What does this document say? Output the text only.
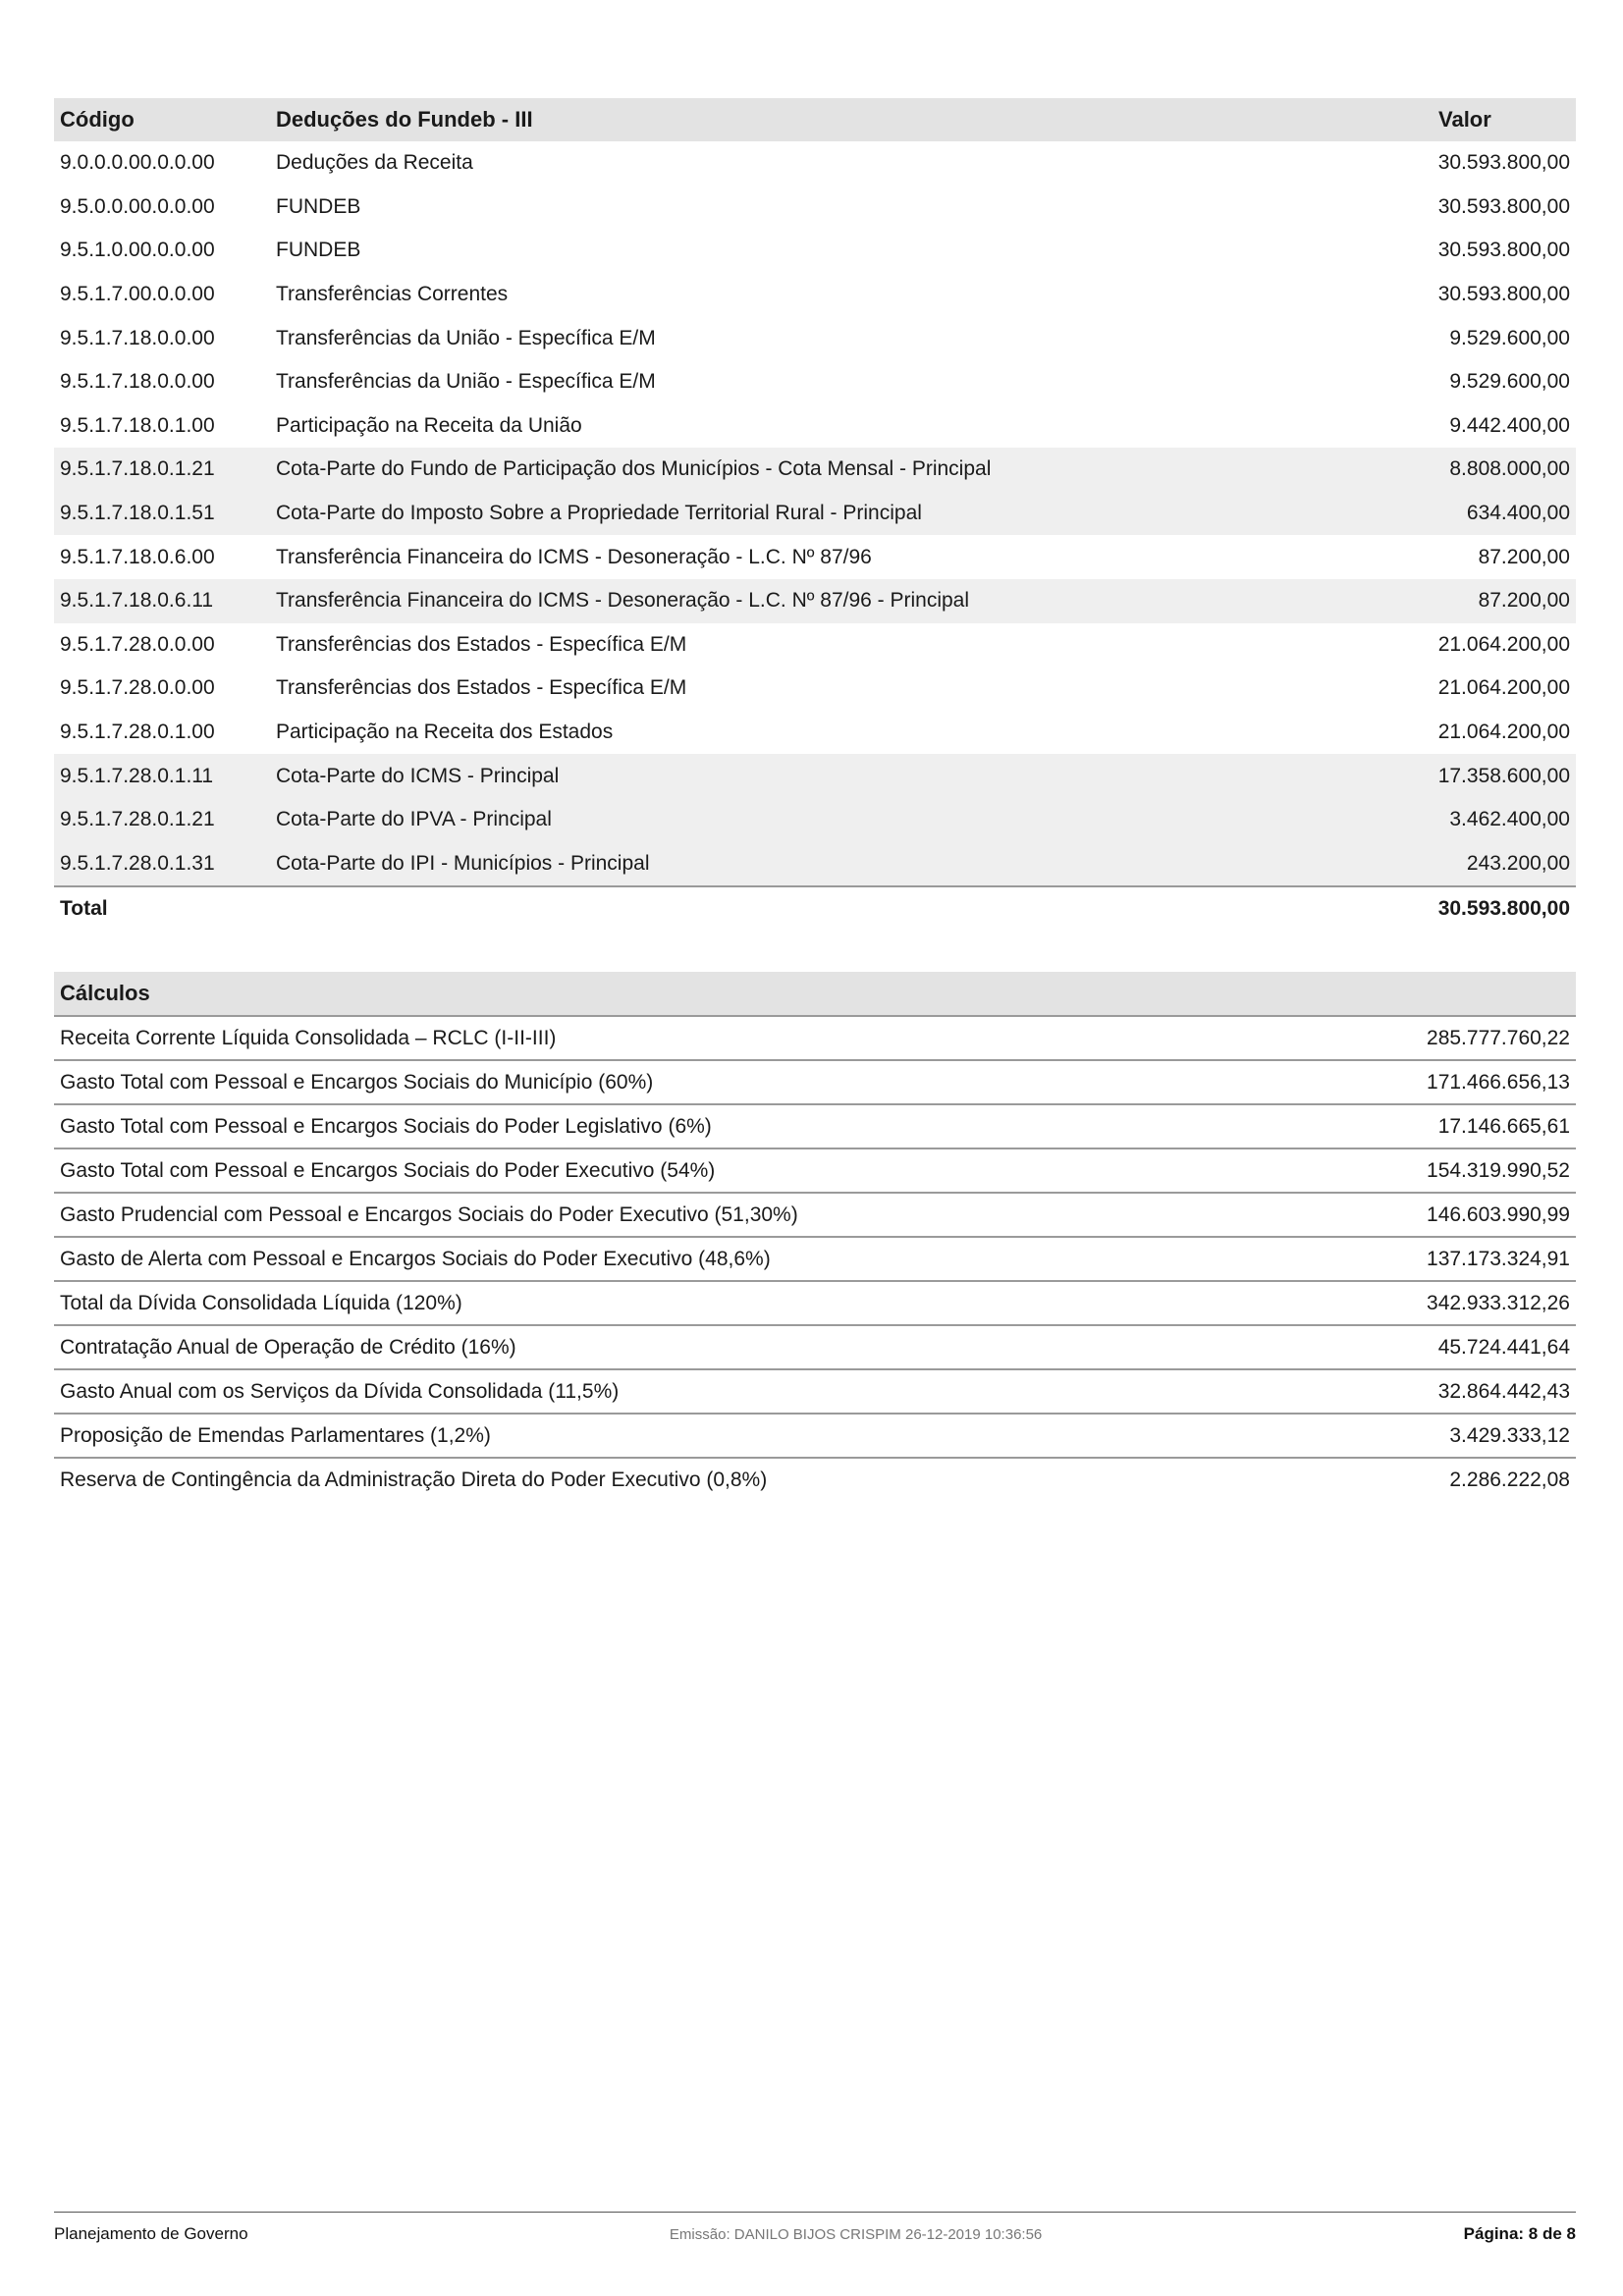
Código	Deduções do Fundeb - III	Valor
9.0.0.0.00.0.0.00	Deduções da Receita	30.593.800,00
9.5.0.0.00.0.0.00	FUNDEB	30.593.800,00
9.5.1.0.00.0.0.00	FUNDEB	30.593.800,00
9.5.1.7.00.0.0.00	Transferências Correntes	30.593.800,00
9.5.1.7.18.0.0.00	Transferências da União - Específica E/M	9.529.600,00
9.5.1.7.18.0.0.00	Transferências da União - Específica E/M	9.529.600,00
9.5.1.7.18.0.1.00	Participação na Receita da União	9.442.400,00
9.5.1.7.18.0.1.21	Cota-Parte do Fundo de Participação dos Municípios - Cota Mensal - Principal	8.808.000,00
9.5.1.7.18.0.1.51	Cota-Parte do Imposto Sobre a Propriedade Territorial Rural - Principal	634.400,00
9.5.1.7.18.0.6.00	Transferência Financeira do ICMS - Desoneração - L.C. Nº 87/96	87.200,00
9.5.1.7.18.0.6.11	Transferência Financeira do ICMS - Desoneração - L.C. Nº 87/96 - Principal	87.200,00
9.5.1.7.28.0.0.00	Transferências dos Estados - Específica E/M	21.064.200,00
9.5.1.7.28.0.0.00	Transferências dos Estados - Específica E/M	21.064.200,00
9.5.1.7.28.0.1.00	Participação na Receita dos Estados	21.064.200,00
9.5.1.7.28.0.1.11	Cota-Parte do ICMS - Principal	17.358.600,00
9.5.1.7.28.0.1.21	Cota-Parte do IPVA - Principal	3.462.400,00
9.5.1.7.28.0.1.31	Cota-Parte do IPI - Municípios - Principal	243.200,00
Total	30.593.800,00
Cálculos
Receita Corrente Líquida Consolidada – RCLC (I-II-III)	285.777.760,22
Gasto Total com Pessoal e Encargos Sociais do Município (60%)	171.466.656,13
Gasto Total com Pessoal e Encargos Sociais do Poder Legislativo (6%)	17.146.665,61
Gasto Total com Pessoal e Encargos Sociais do Poder Executivo (54%)	154.319.990,52
Gasto Prudencial com Pessoal e Encargos Sociais do Poder Executivo (51,30%)	146.603.990,99
Gasto de Alerta com Pessoal e Encargos Sociais do Poder Executivo (48,6%)	137.173.324,91
Total da Dívida Consolidada Líquida (120%)	342.933.312,26
Contratação Anual de Operação de Crédito (16%)	45.724.441,64
Gasto Anual com os Serviços da Dívida Consolidada (11,5%)	32.864.442,43
Proposição de Emendas Parlamentares (1,2%)	3.429.333,12
Reserva de Contingência da Administração Direta do Poder Executivo (0,8%)	2.286.222,08
Planejamento de Governo	Emissão: DANILO BIJOS CRISPIM 26-12-2019 10:36:56	Página: 8 de 8
